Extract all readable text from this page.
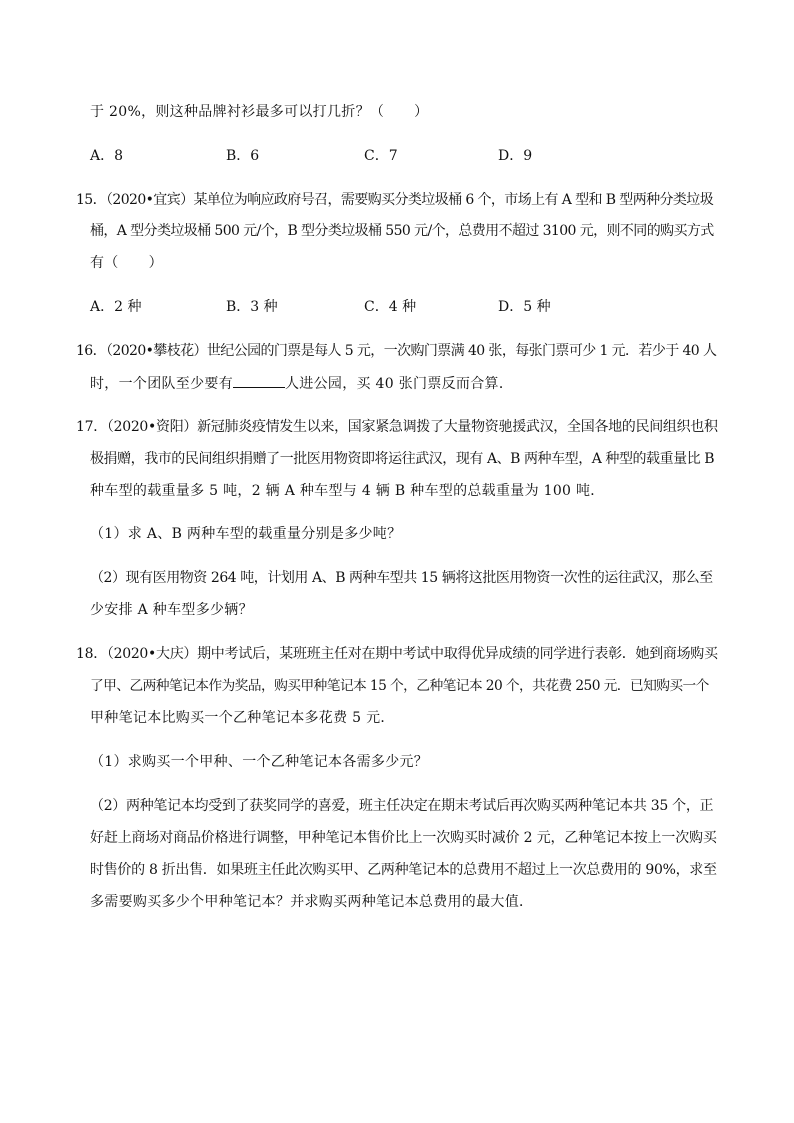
于 20%，则这种品牌衬衫最多可以打几折？（ ）
A．8	B．6	C．7	D．9
15．（2020•宜宾）某单位为响应政府号召，需要购买分类垃圾桶 6 个，市场上有 A 型和 B 型两种分类垃圾
桶，A 型分类垃圾桶 500 元/个，B 型分类垃圾桶 550 元/个，总费用不超过 3100 元，则不同的购买方式
有（ ）
A．2 种	B．3 种	C．4 种	D．5 种
16．（2020•攀枝花）世纪公园的门票是每人 5 元，一次购门票满 40 张，每张门票可少 1 元．若少于 40 人
时，一个团队至少要有	人进公园，买 40 张门票反而合算．
17．（2020•资阳）新冠肺炎疫情发生以来，国家紧急调拨了大量物资驰援武汉，全国各地的民间组织也积
极捐赠，我市的民间组织捐赠了一批医用物资即将运往武汉，现有 A、B 两种车型，A 种型的载重量比 B
种车型的载重量多 5 吨，2 辆 A 种车型与 4 辆 B 种车型的总载重量为 100 吨．
（1）求 A、B 两种车型的载重量分别是多少吨？
（2）现有医用物资 264 吨，计划用 A、B 两种车型共 15 辆将这批医用物资一次性的运往武汉，那么至
少安排 A 种车型多少辆？
18．（2020•大庆）期中考试后，某班班主任对在期中考试中取得优异成绩的同学进行表彰．她到商场购买
了甲、乙两种笔记本作为奖品，购买甲种笔记本 15 个，乙种笔记本 20 个，共花费 250 元．已知购买一个
甲种笔记本比购买一个乙种笔记本多花费 5 元．
（1）求购买一个甲种、一个乙种笔记本各需多少元？
（2）两种笔记本均受到了获奖同学的喜爱，班主任决定在期末考试后再次购买两种笔记本共 35 个，正
好赶上商场对商品价格进行调整，甲种笔记本售价比上一次购买时减价 2 元，乙种笔记本按上一次购买
时售价的 8 折出售．如果班主任此次购买甲、乙两种笔记本的总费用不超过上一次总费用的 90%，求至
多需要购买多少个甲种笔记本？并求购买两种笔记本总费用的最大值．
